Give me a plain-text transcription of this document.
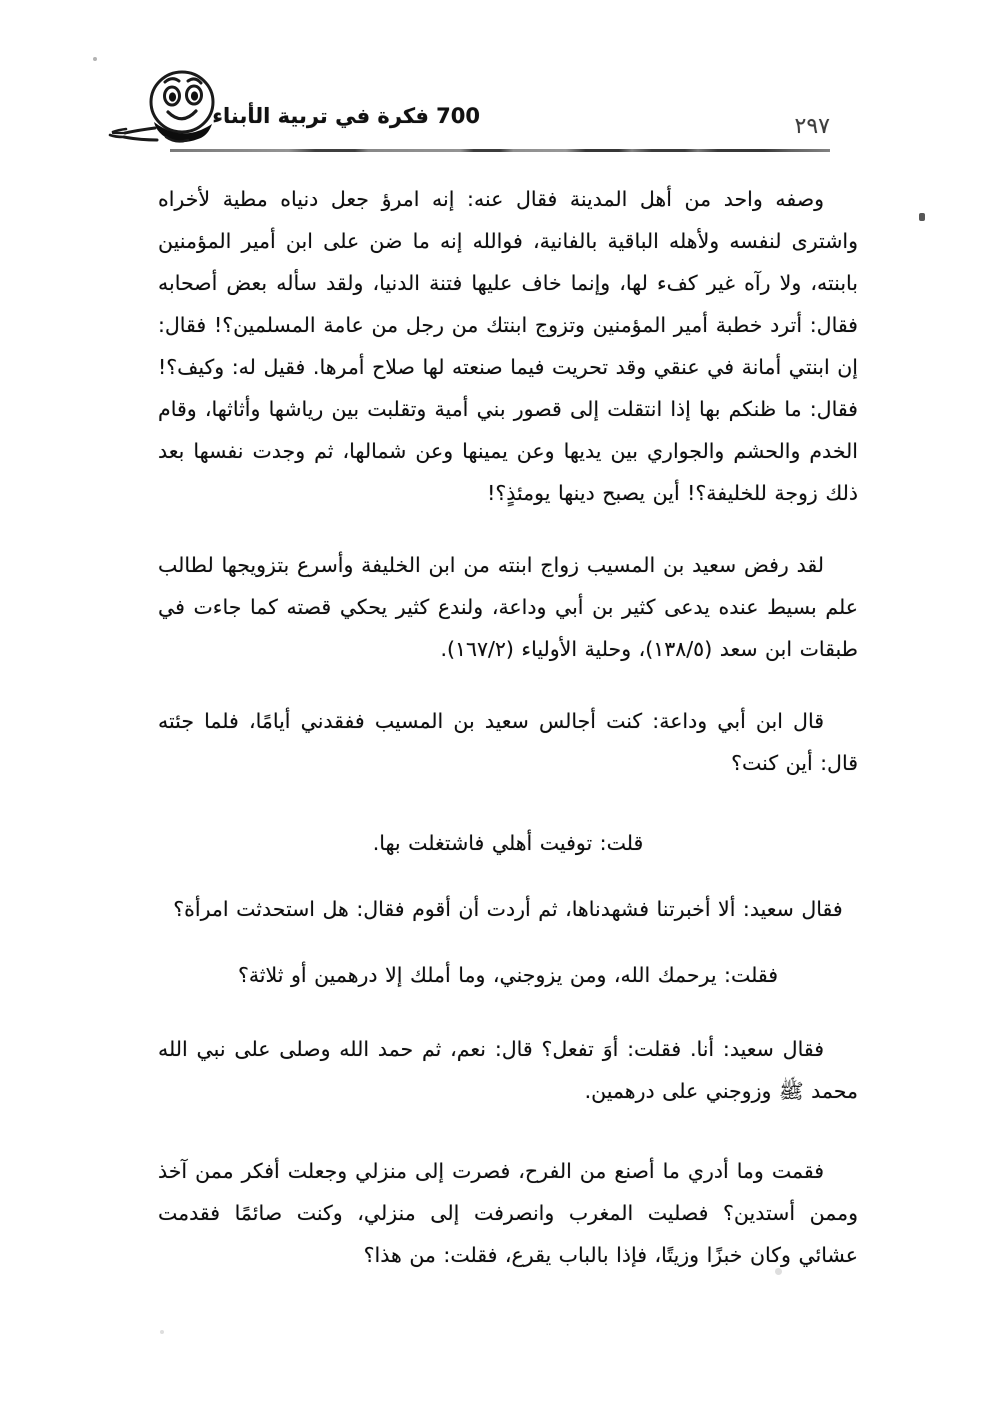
٢٩٧
700 فكرة في تربية الأبناء

وصفه واحد من أهل المدينة فقال عنه: إنه امرؤ جعل دنياه مطية لأخراه واشترى لنفسه ولأهله الباقية بالفانية، فوالله إنه ما ضن على ابن أمير المؤمنين بابنته، ولا رآه غير كفء لها، وإنما خاف عليها فتنة الدنيا، ولقد سأله بعض أصحابه فقال: أترد خطبة أمير المؤمنين وتزوج ابنتك من رجل من عامة المسلمين؟! فقال: إن ابنتي أمانة في عنقي وقد تحريت فيما صنعته لها صلاح أمرها. فقيل له: وكيف؟! فقال: ما ظنكم بها إذا انتقلت إلى قصور بني أمية وتقلبت بين رياشها وأثاثها، وقام الخدم والحشم والجواري بين يديها وعن يمينها وعن شمالها، ثم وجدت نفسها بعد ذلك زوجة للخليفة؟! أين يصبح دينها يومئذٍ؟!

لقد رفض سعيد بن المسيب زواج ابنته من ابن الخليفة وأسرع بتزويجها لطالب علم بسيط عنده يدعى كثير بن أبي وداعة، ولندع كثير يحكي قصته كما جاءت في طبقات ابن سعد (١٣٨/٥)، وحلية الأولياء (١٦٧/٢).

قال ابن أبي وداعة: كنت أجالس سعيد بن المسيب ففقدني أيامًا، فلما جئته قال: أين كنت؟

قلت: توفيت أهلي فاشتغلت بها.

فقال سعيد: ألا أخبرتنا فشهدناها، ثم أردت أن أقوم فقال: هل استحدثت امرأة؟

فقلت: يرحمك الله، ومن يزوجني، وما أملك إلا درهمين أو ثلاثة؟

فقال سعيد: أنا. فقلت: أوَ تفعل؟ قال: نعم، ثم حمد الله وصلى على نبي الله محمد ﷺ وزوجني على درهمين.

فقمت وما أدري ما أصنع من الفرح، فصرت إلى منزلي وجعلت أفكر ممن آخذ وممن أستدين؟ فصليت المغرب وانصرفت إلى منزلي، وكنت صائمًا فقدمت عشائي وكان خبزًا وزيتًا، فإذا بالباب يقرع، فقلت: من هذا؟
